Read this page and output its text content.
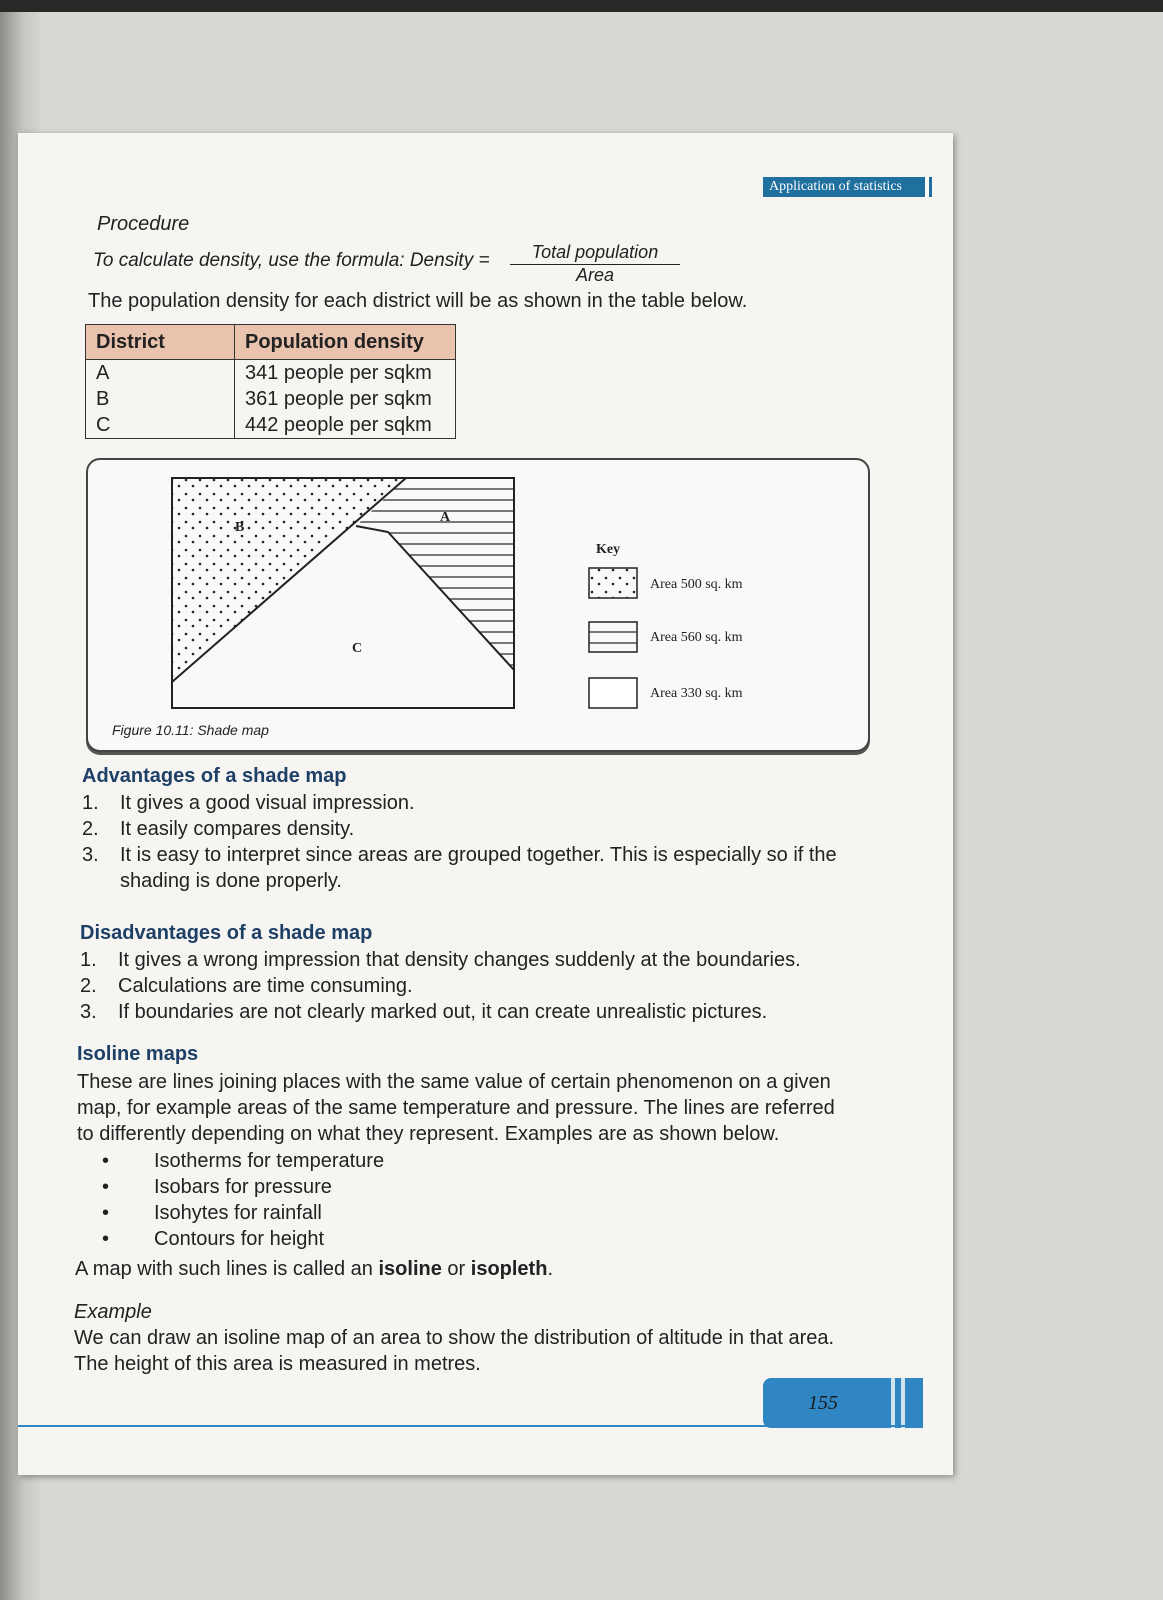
Application of statistics
Procedure
To calculate density, use the formula: Density =	Total population
Area
The population density for each district will be as shown in the table below.
District	Population density
A	341 people per sqkm
B	361 people per sqkm
C	442 people per sqkm
A
B
C
Key
Area 500 sq. km
Area 560 sq. km
Area 330 sq. km
Figure 10.11: Shade map
Advantages of a shade map
1. It gives a good visual impression.
2. It easily compares density.
3. It is easy to interpret since areas are grouped together. This is especially so if the
shading is done properly.
Disadvantages of a shade map
1. It gives a wrong impression that density changes suddenly at the boundaries.
2. Calculations are time consuming.
3. If boundaries are not clearly marked out, it can create unrealistic pictures.
Isoline maps
These are lines joining places with the same value of certain phenomenon on a given
map, for example areas of the same temperature and pressure. The lines are referred
to differently depending on what they represent. Examples are as shown below.
• Isotherms for temperature
• Isobars for pressure
• Isohytes for rainfall
• Contours for height
A map with such lines is called an isoline or isopleth.
Example
We can draw an isoline map of an area to show the distribution of altitude in that area.
The height of this area is measured in metres.
155
